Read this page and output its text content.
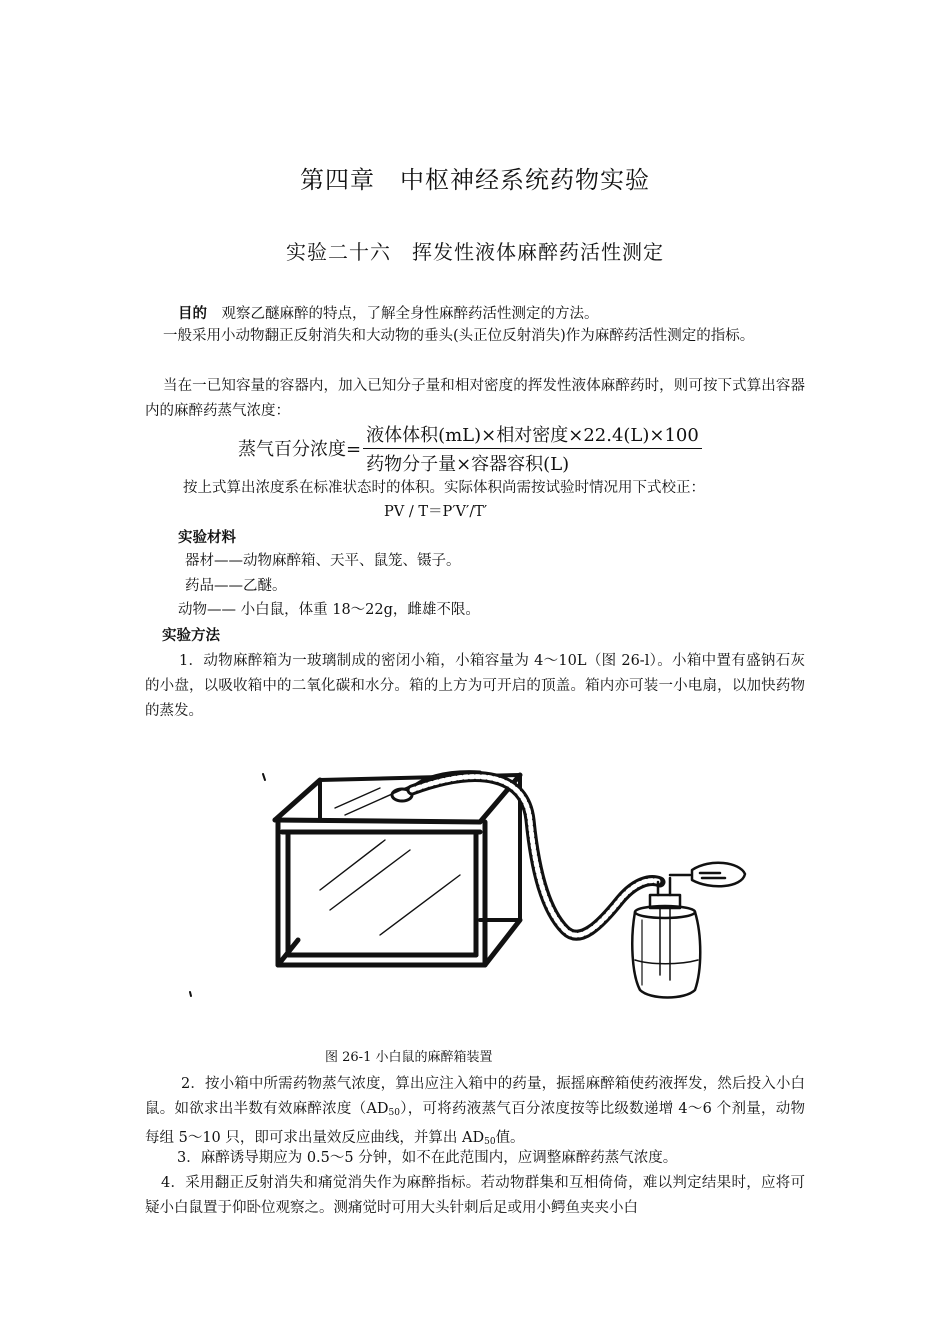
第四章　中枢神经系统药物实验
实验二十六　挥发性液体麻醉药活性测定
目的　观察乙醚麻醉的特点，了解全身性麻醉药活性测定的方法。
一般采用小动物翻正反射消失和大动物的垂头(头正位反射消失)作为麻醉药活性测定的指标。
当在一已知容量的容器内，加入已知分子量和相对密度的挥发性液体麻醉药时，则可按下式算出容器内的麻醉药蒸气浓度：
蒸气百分浓度= $\frac{\text{液体体积(mL)×相对密度×22.4(L)×100}}{\text{药物分子量×容器容积(L)}}$
按上式算出浓度系在标准状态时的体积。实际体积尚需按试验时情况用下式校正：
PV / T＝P′V′/T′
实验材料
器材——动物麻醉箱、天平、鼠笼、镊子。
药品——乙醚。
动物—— 小白鼠，体重 18～22g，雌雄不限。
实验方法
1．动物麻醉箱为一玻璃制成的密闭小箱，小箱容量为 4～10L（图 26-l）。小箱中置有盛钠石灰的小盘，以吸收箱中的二氧化碳和水分。箱的上方为可开启的顶盖。箱内亦可装一小电扇，以加快药物的蒸发。
图 26-1 小白鼠的麻醉箱装置
2．按小箱中所需药物蒸气浓度，算出应注入箱中的药量，振摇麻醉箱使药液挥发，然后投入小白鼠。如欲求出半数有效麻醉浓度$(AD_{50})$，可将药液蒸气百分浓度按等比级数递增 4～6 个剂量，动物每组 5～10 只，即可求出量效反应曲线，并算出 $AD_{50}$值。
3．麻醉诱导期应为 0.5～5 分钟，如不在此范围内，应调整麻醉药蒸气浓度。
4．采用翻正反射消失和痛觉消失作为麻醉指标。若动物群集和互相倚倚，难以判定结果时，应将可疑小白鼠置于仰卧位观察之。测痛觉时可用大头针刺后足或用小鳄鱼夹夹小白
